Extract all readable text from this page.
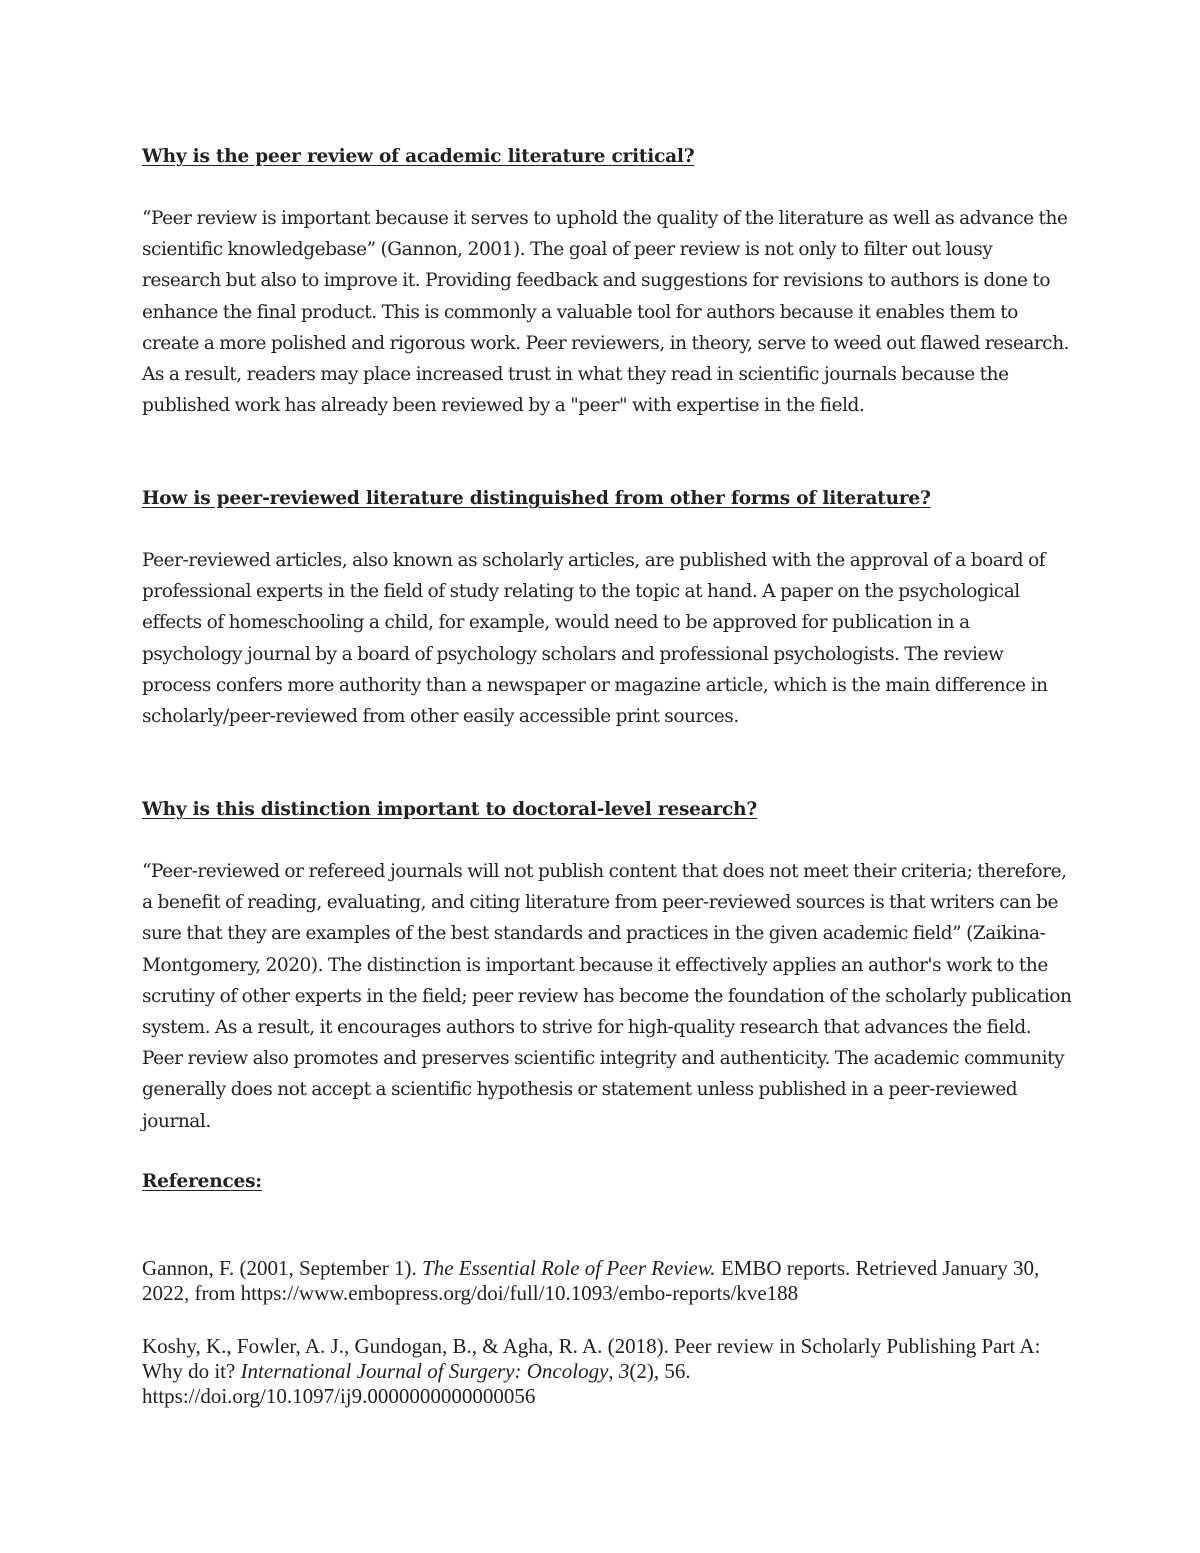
Why is the peer review of academic literature critical?

“Peer review is important because it serves to uphold the quality of the literature as well as advance the scientific knowledgebase” (Gannon, 2001). The goal of peer review is not only to filter out lousy research but also to improve it. Providing feedback and suggestions for revisions to authors is done to enhance the final product. This is commonly a valuable tool for authors because it enables them to create a more polished and rigorous work. Peer reviewers, in theory, serve to weed out flawed research. As a result, readers may place increased trust in what they read in scientific journals because the published work has already been reviewed by a "peer" with expertise in the field.

How is peer-reviewed literature distinguished from other forms of literature?

Peer-reviewed articles, also known as scholarly articles, are published with the approval of a board of professional experts in the field of study relating to the topic at hand. A paper on the psychological effects of homeschooling a child, for example, would need to be approved for publication in a psychology journal by a board of psychology scholars and professional psychologists. The review process confers more authority than a newspaper or magazine article, which is the main difference in scholarly/peer-reviewed from other easily accessible print sources.

Why is this distinction important to doctoral-level research?

“Peer-reviewed or refereed journals will not publish content that does not meet their criteria; therefore, a benefit of reading, evaluating, and citing literature from peer-reviewed sources is that writers can be sure that they are examples of the best standards and practices in the given academic field” (Zaikina-Montgomery, 2020). The distinction is important because it effectively applies an author's work to the scrutiny of other experts in the field; peer review has become the foundation of the scholarly publication system. As a result, it encourages authors to strive for high-quality research that advances the field. Peer review also promotes and preserves scientific integrity and authenticity. The academic community generally does not accept a scientific hypothesis or statement unless published in a peer-reviewed journal.

References:

Gannon, F. (2001, September 1). The Essential Role of Peer Review. EMBO reports. Retrieved January 30, 2022, from https://www.embopress.org/doi/full/10.1093/embo-reports/kve188

Koshy, K., Fowler, A. J., Gundogan, B., & Agha, R. A. (2018). Peer review in Scholarly Publishing Part A: Why do it? International Journal of Surgery: Oncology, 3(2), 56. https://doi.org/10.1097/ij9.0000000000000056
